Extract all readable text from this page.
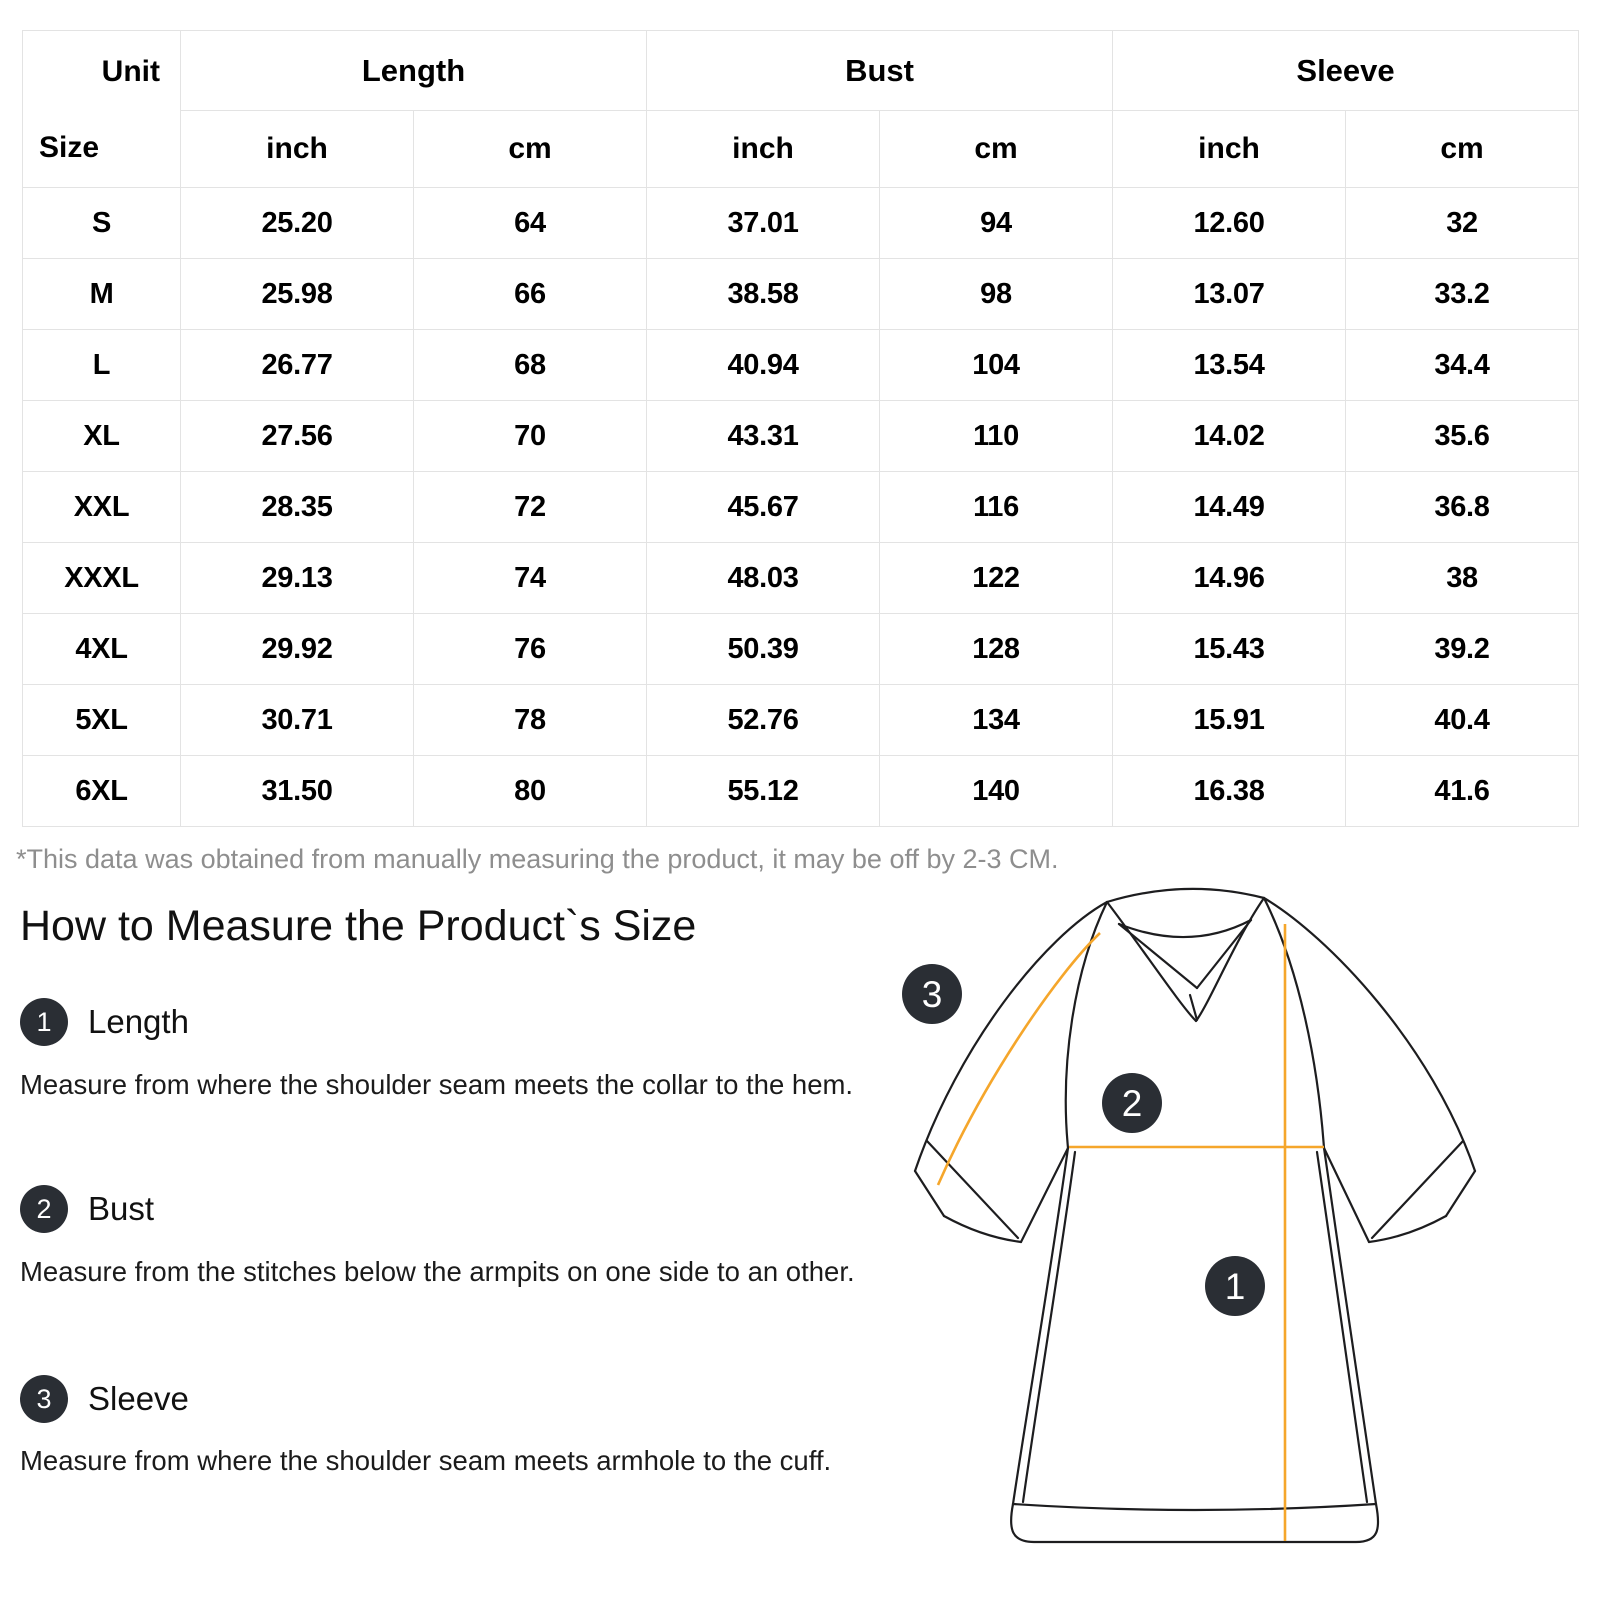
Unit
Size	Length		Bust		Sleeve	
	inch	cm	inch	cm	inch	cm
S	25.20	64	37.01	94	12.60	32
M	25.98	66	38.58	98	13.07	33.2
L	26.77	68	40.94	104	13.54	34.4
XL	27.56	70	43.31	110	14.02	35.6
XXL	28.35	72	45.67	116	14.49	36.8
XXXL	29.13	74	48.03	122	14.96	38
4XL	29.92	76	50.39	128	15.43	39.2
5XL	30.71	78	52.76	134	15.91	40.4
6XL	31.50	80	55.12	140	16.38	41.6
*This data was obtained from manually measuring the product, it may be off by 2-3 CM.
How to Measure the Product`s Size
1	Length
Measure from where the shoulder seam meets the collar to the hem.
2	Bust
Measure from the stitches below the armpits on one side to an other.
3	Sleeve
Measure from where the shoulder seam meets armhole to the cuff.
3
2
1
